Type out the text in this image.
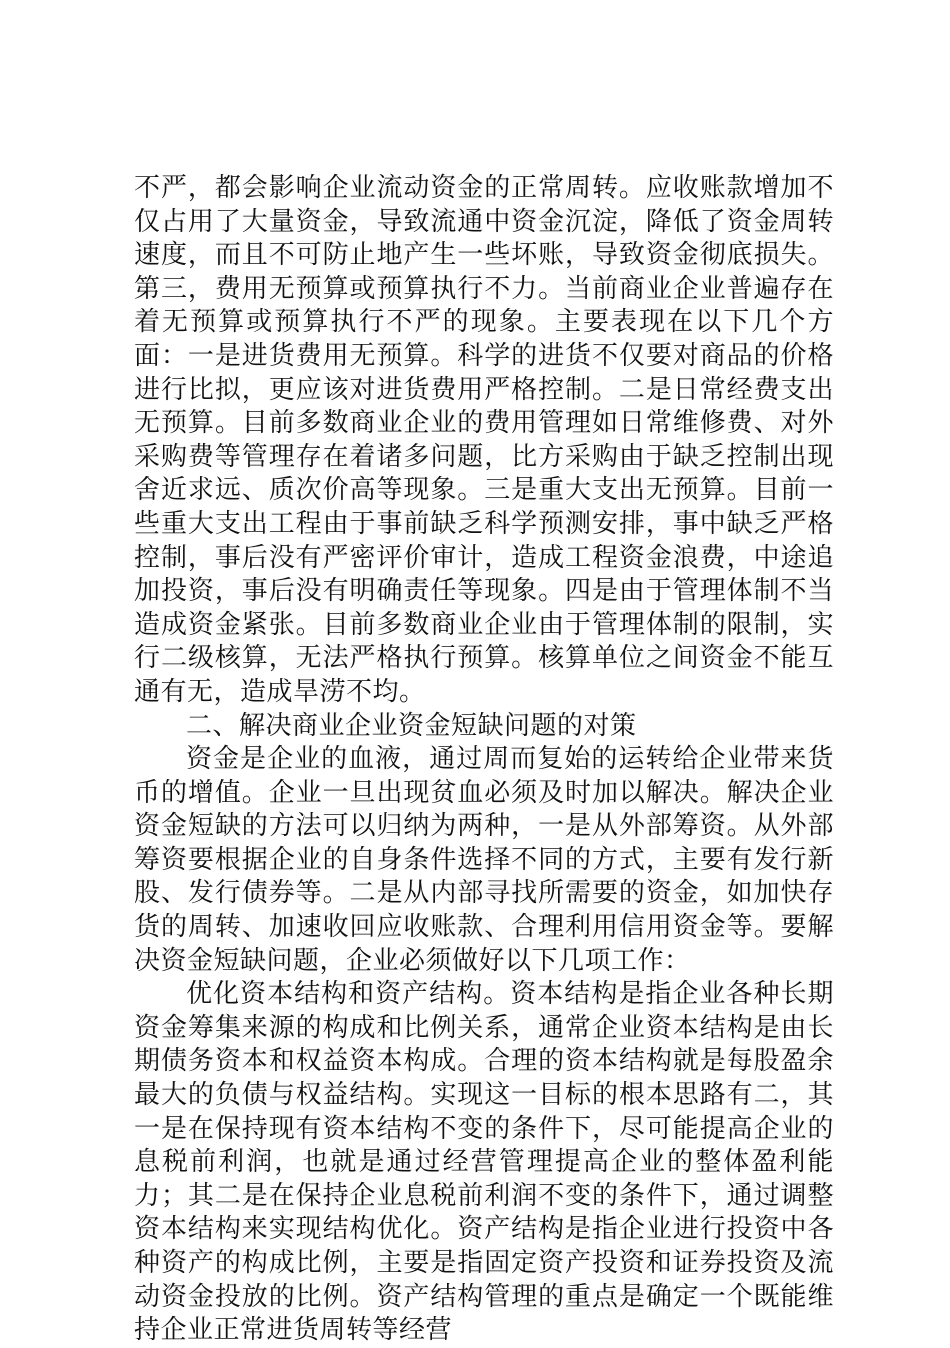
不严，都会影响企业流动资金的正常周转。应收账款增加不仅占用了大量资金，导致流通中资金沉淀，降低了资金周转速度，而且不可防止地产生一些坏账，导致资金彻底损失。第三，费用无预算或预算执行不力。当前商业企业普遍存在着无预算或预算执行不严的现象。主要表现在以下几个方面：一是进货费用无预算。科学的进货不仅要对商品的价格进行比拟，更应该对进货费用严格控制。二是日常经费支出无预算。目前多数商业企业的费用管理如日常维修费、对外采购费等管理存在着诸多问题，比方采购由于缺乏控制出现舍近求远、质次价高等现象。三是重大支出无预算。目前一些重大支出工程由于事前缺乏科学预测安排，事中缺乏严格控制，事后没有严密评价审计，造成工程资金浪费，中途追加投资，事后没有明确责任等现象。四是由于管理体制不当造成资金紧张。目前多数商业企业由于管理体制的限制，实行二级核算，无法严格执行预算。核算单位之间资金不能互通有无，造成旱涝不均。

二、解决商业企业资金短缺问题的对策

资金是企业的血液，通过周而复始的运转给企业带来货币的增值。企业一旦出现贫血必须及时加以解决。解决企业资金短缺的方法可以归纳为两种，一是从外部筹资。从外部筹资要根据企业的自身条件选择不同的方式，主要有发行新股、发行债券等。二是从内部寻找所需要的资金，如加快存货的周转、加速收回应收账款、合理利用信用资金等。要解决资金短缺问题，企业必须做好以下几项工作：

优化资本结构和资产结构。资本结构是指企业各种长期资金筹集来源的构成和比例关系，通常企业资本结构是由长期债务资本和权益资本构成。合理的资本结构就是每股盈余最大的负债与权益结构。实现这一目标的根本思路有二，其一是在保持现有资本结构不变的条件下，尽可能提高企业的息税前利润，也就是通过经营管理提高企业的整体盈利能力；其二是在保持企业息税前利润不变的条件下，通过调整资本结构来实现结构优化。资产结构是指企业进行投资中各种资产的构成比例，主要是指固定资产投资和证券投资及流动资金投放的比例。资产结构管理的重点是确定一个既能维持企业正常进货周转等经营
